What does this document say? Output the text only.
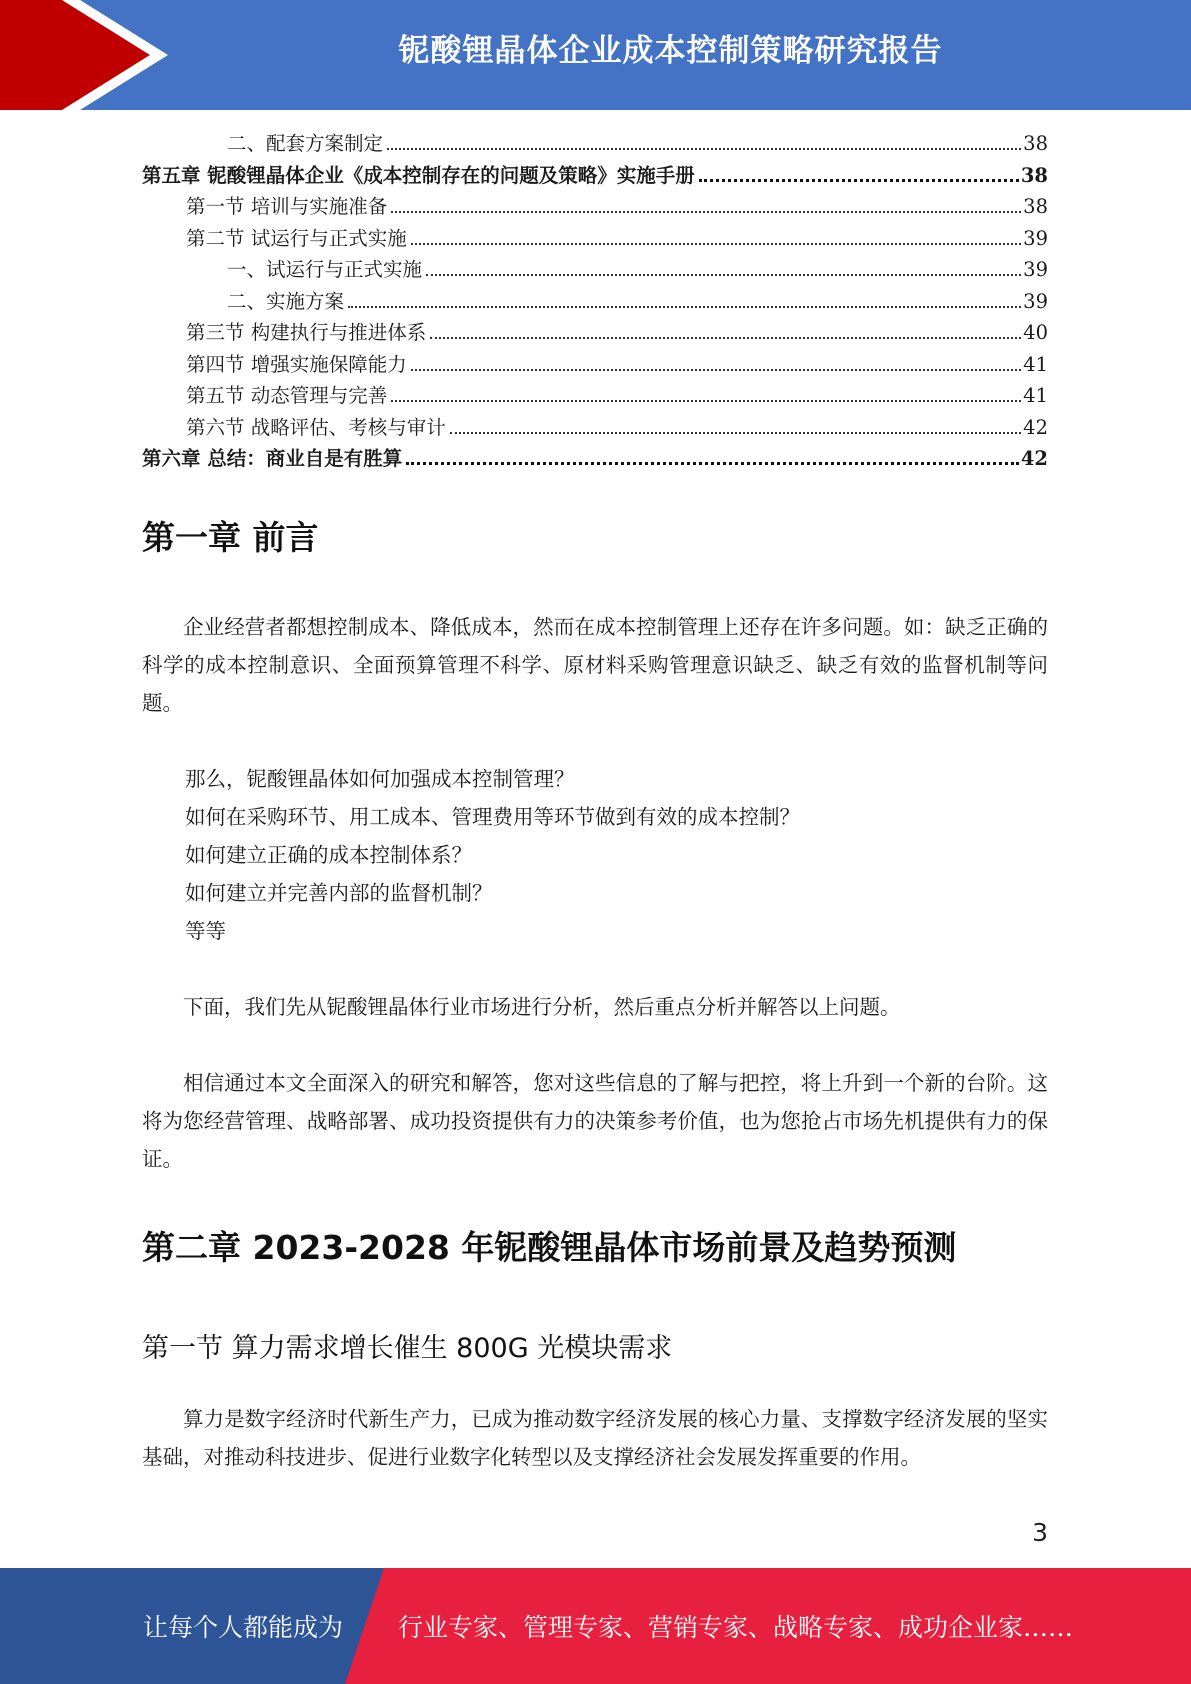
铌酸锂晶体企业成本控制策略研究报告
二、配套方案制定	38
第五章 铌酸锂晶体企业《成本控制存在的问题及策略》实施手册	38
第一节 培训与实施准备	38
第二节 试运行与正式实施	39
一、试运行与正式实施	39
二、实施方案	39
第三节 构建执行与推进体系	40
第四节 增强实施保障能力	41
第五节 动态管理与完善	41
第六节 战略评估、考核与审计	42
第六章 总结：商业自是有胜算	42
第一章 前言
企业经营者都想控制成本、降低成本，然而在成本控制管理上还存在许多问题。如：缺乏正确的科学的成本控制意识、全面预算管理不科学、原材料采购管理意识缺乏、缺乏有效的监督机制等问题。
那么，铌酸锂晶体如何加强成本控制管理？
如何在采购环节、用工成本、管理费用等环节做到有效的成本控制？
如何建立正确的成本控制体系？
如何建立并完善内部的监督机制？
等等
下面，我们先从铌酸锂晶体行业市场进行分析，然后重点分析并解答以上问题。
相信通过本文全面深入的研究和解答，您对这些信息的了解与把控，将上升到一个新的台阶。这将为您经营管理、战略部署、成功投资提供有力的决策参考价值，也为您抢占市场先机提供有力的保证。
第二章 2023-2028 年铌酸锂晶体市场前景及趋势预测
第一节 算力需求增长催生 800G 光模块需求
算力是数字经济时代新生产力，已成为推动数字经济发展的核心力量、支撑数字经济发展的坚实基础，对推动科技进步、促进行业数字化转型以及支撑经济社会发展发挥重要的作用。
3
让每个人都能成为 行业专家、管理专家、营销专家、战略专家、成功企业家……
